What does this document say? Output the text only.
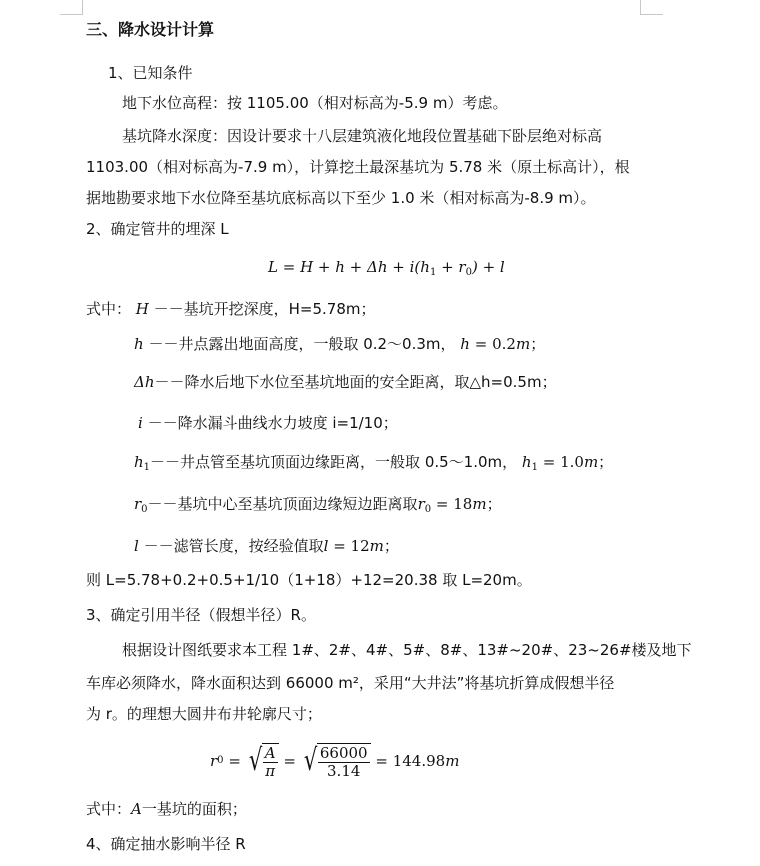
三、降水设计计算
1、已知条件
地下水位高程：按 1105.00（相对标高为-5.9 m）考虑。
基坑降水深度：因设计要求十八层建筑液化地段位置基础下卧层绝对标高
1103.00（相对标高为-7.9 m），计算挖土最深基坑为 5.78 米（原土标高计），根
据地勘要求地下水位降至基坑底标高以下至少 1.0 米（相对标高为-8.9 m）。
2、确定管井的埋深 L
$L = H + h + \Delta h + i(h_1 + r_0) + l$
式中： H －－基坑开挖深度，H=5.78m；
h －－井点露出地面高度，一般取 0.2～0.3m， h = 0.2m；
Δh－－降水后地下水位至基坑地面的安全距离，取△h=0.5m；
i －－降水漏斗曲线水力坡度 i=1/10；
$h_1--$井点管至基坑顶面边缘距离，一般取 0.5～1.0m， $h_1 = 1.0m$；
$r_0--$基坑中心至基坑顶面边缘短边距离取$r_0 = 18m$；
l －－滤管长度，按经验值取l = 12m；
则 L=5.78+0.2+0.5+1/10（1+18）+12=20.38 取 L=20m。
3、确定引用半径（假想半径）R。
根据设计图纸要求本工程 1#、2#、4#、5#、8#、13#~20#、23~26#楼及地下
车库必须降水，降水面积达到 66000 m²，采用“大井法”将基坑折算成假想半径
为 r。的理想大圆井布井轮廓尺寸；
r 0 = √ $\frac{A}{\pi}$ = √ $\frac{66000}{3.14} = 144.98$ m
式中：A一基坑的面积；
4、确定抽水影响半径 R
